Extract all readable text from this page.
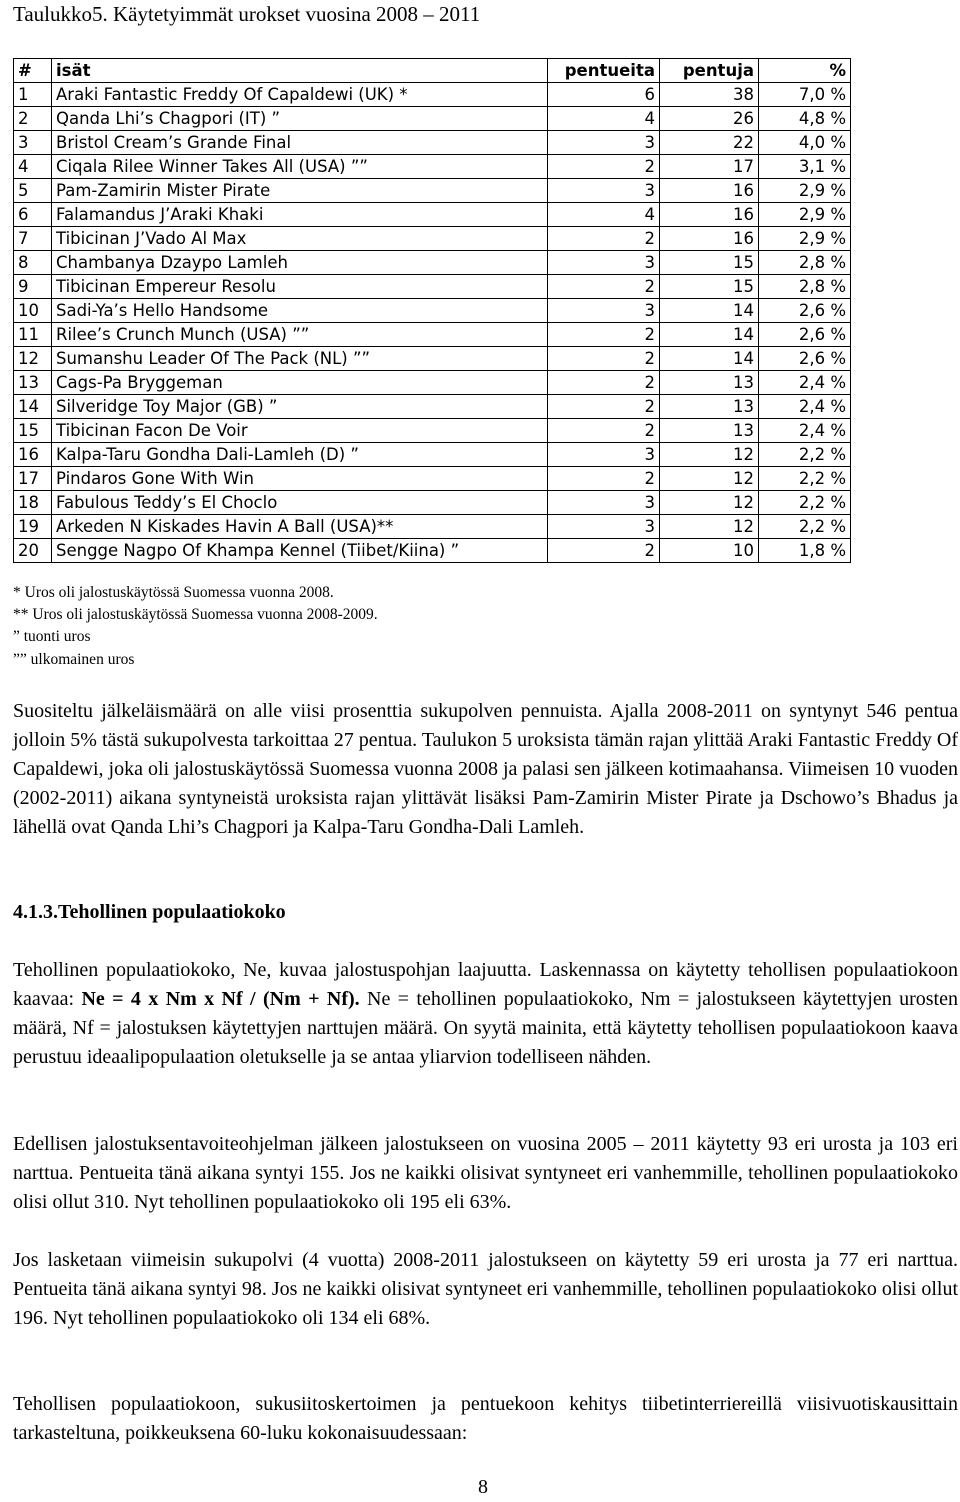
Taulukko5. Käytetyimmät urokset vuosina 2008 – 2011
#	isät	pentueita	pentuja	%
1	Araki Fantastic Freddy Of Capaldewi (UK) *	6	38	7,0 %
2	Qanda Lhi’s Chagpori (IT) ”	4	26	4,8 %
3	Bristol Cream’s Grande Final	3	22	4,0 %
4	Ciqala Rilee Winner Takes All (USA) ””	2	17	3,1 %
5	Pam-Zamirin Mister Pirate	3	16	2,9 %
6	Falamandus J’Araki Khaki	4	16	2,9 %
7	Tibicinan J’Vado Al Max	2	16	2,9 %
8	Chambanya Dzaypo Lamleh	3	15	2,8 %
9	Tibicinan Empereur Resolu	2	15	2,8 %
10	Sadi-Ya’s Hello Handsome	3	14	2,6 %
11	Rilee’s Crunch Munch (USA) ””	2	14	2,6 %
12	Sumanshu Leader Of The Pack (NL) ””	2	14	2,6 %
13	Cags-Pa Bryggeman	2	13	2,4 %
14	Silveridge Toy Major (GB) ”	2	13	2,4 %
15	Tibicinan Facon De Voir	2	13	2,4 %
16	Kalpa-Taru Gondha Dali-Lamleh (D) ”	3	12	2,2 %
17	Pindaros Gone With Win	2	12	2,2 %
18	Fabulous Teddy’s El Choclo	3	12	2,2 %
19	Arkeden N Kiskades Havin A Ball (USA)**	3	12	2,2 %
20	Sengge Nagpo Of Khampa Kennel (Tiibet/Kiina) ”	2	10	1,8 %
* Uros oli jalostuskäytössä Suomessa vuonna 2008.
** Uros oli jalostuskäytössä Suomessa vuonna 2008-2009.
” tuonti uros
”” ulkomainen uros
Suositeltu jälkeläismäärä on alle viisi prosenttia sukupolven pennuista. Ajalla 2008-2011 on syntynyt 546 pentua jolloin 5% tästä sukupolvesta tarkoittaa 27 pentua. Taulukon 5 uroksista tämän rajan ylittää Araki Fantastic Freddy Of Capaldewi, joka oli jalostuskäytössä Suomessa vuonna 2008 ja palasi sen jälkeen kotimaahansa. Viimeisen 10 vuoden (2002-2011) aikana syntyneistä uroksista rajan ylittävät lisäksi Pam-Zamirin Mister Pirate ja Dschowo’s Bhadus ja lähellä ovat Qanda Lhi’s Chagpori ja Kalpa-Taru Gondha-Dali Lamleh.
4.1.3.Tehollinen populaatiokoko
Tehollinen populaatiokoko, Ne, kuvaa jalostuspohjan laajuutta. Laskennassa on käytetty tehollisen populaatiokoon kaavaa: Ne = 4 x Nm x Nf / (Nm + Nf). Ne = tehollinen populaatiokoko, Nm = jalostukseen käytettyjen urosten määrä, Nf = jalostuksen käytettyjen narttujen määrä. On syytä mainita, että käytetty tehollisen populaatiokoon kaava perustuu ideaalipopulaation oletukselle ja se antaa yliarvion todelliseen nähden.
Edellisen jalostuksentavoiteohjelman jälkeen jalostukseen on vuosina 2005 – 2011 käytetty 93 eri urosta ja 103 eri narttua. Pentueita tänä aikana syntyi 155. Jos ne kaikki olisivat syntyneet eri vanhemmille, tehollinen populaatiokoko olisi ollut 310. Nyt tehollinen populaatiokoko oli 195 eli 63%.
Jos lasketaan viimeisin sukupolvi (4 vuotta) 2008-2011 jalostukseen on käytetty 59 eri urosta ja 77 eri narttua. Pentueita tänä aikana syntyi 98. Jos ne kaikki olisivat syntyneet eri vanhemmille, tehollinen populaatiokoko olisi ollut 196. Nyt tehollinen populaatiokoko oli 134 eli 68%.
Tehollisen populaatiokoon, sukusiitoskertoimen ja pentuekoon kehitys tiibetinterriereillä viisivuotiskausittain tarkasteltuna, poikkeuksena 60-luku kokonaisuudessaan:
8
